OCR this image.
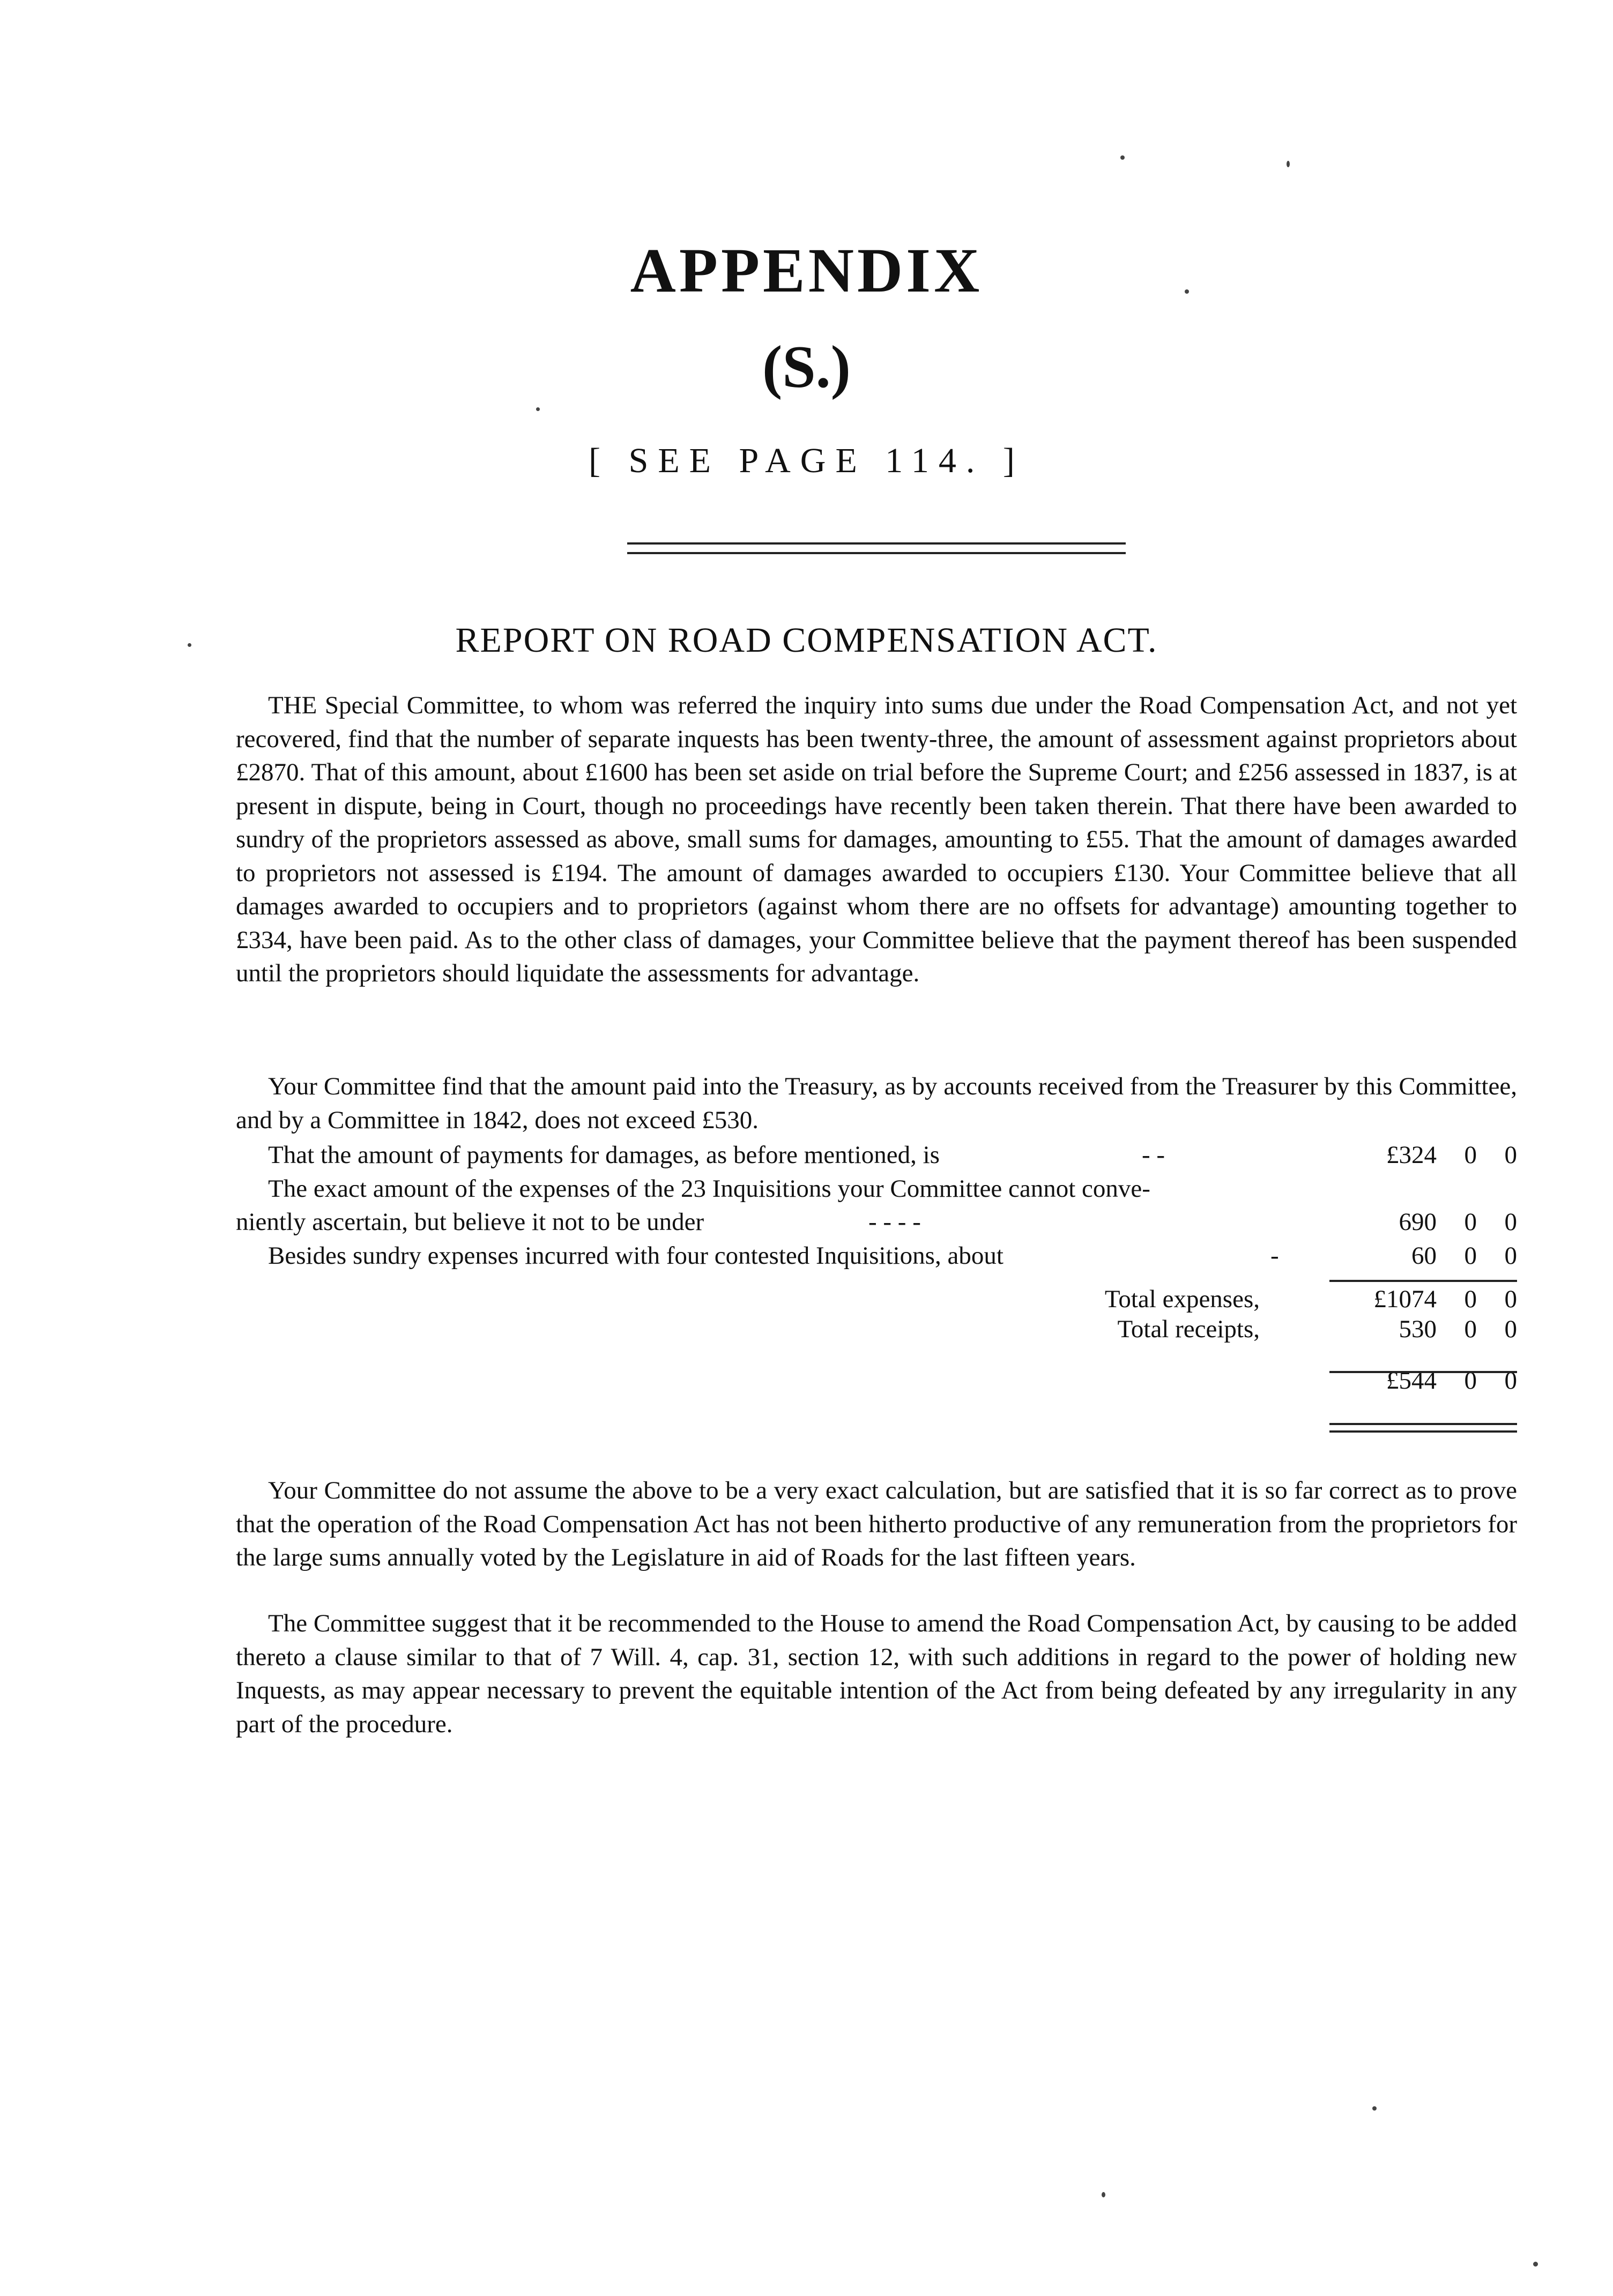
APPENDIX
(S.)
[ SEE PAGE 114. ]
REPORT ON ROAD COMPENSATION ACT.

THE Special Committee, to whom was referred the inquiry into sums due under the Road Compensation Act, and not yet recovered, find that the number of separate inquests has been twenty-three, the amount of assessment against proprietors about £2870. That of this amount, about £1600 has been set aside on trial before the Supreme Court; and £256 assessed in 1837, is at present in dispute, being in Court, though no proceedings have recently been taken therein. That there have been awarded to sundry of the proprietors assessed as above, small sums for damages, amounting to £55. That the amount of damages awarded to proprietors not assessed is £194. The amount of damages awarded to occupiers £130. Your Committee believe that all damages awarded to occupiers and to proprietors (against whom there are no offsets for advantage) amounting together to £334, have been paid. As to the other class of damages, your Committee believe that the payment thereof has been suspended until the proprietors should liquidate the assessments for advantage.

Your Committee find that the amount paid into the Treasury, as by accounts received from the Treasurer by this Committee, and by a Committee in 1842, does not exceed £530.

That the amount of payments for damages, as before mentioned, is	- -	£324	0	0
The exact amount of the expenses of the 23 Inquisitions your Committee cannot conve-
niently ascertain, but believe it not to be under	- - - -	690	0	0
Besides sundry expenses incurred with four contested Inquisitions, about	-	60	0	0
Total expenses,	£1074	0	0
Total receipts,	530	0	0
£544	0	0

Your Committee do not assume the above to be a very exact calculation, but are satisfied that it is so far correct as to prove that the operation of the Road Compensation Act has not been hitherto productive of any remuneration from the proprietors for the large sums annually voted by the Legislature in aid of Roads for the last fifteen years.

The Committee suggest that it be recommended to the House to amend the Road Compensation Act, by causing to be added thereto a clause similar to that of 7 Will. 4, cap. 31, section 12, with such additions in regard to the power of holding new Inquests, as may appear necessary to prevent the equitable intention of the Act from being defeated by any irregularity in any part of the procedure.
